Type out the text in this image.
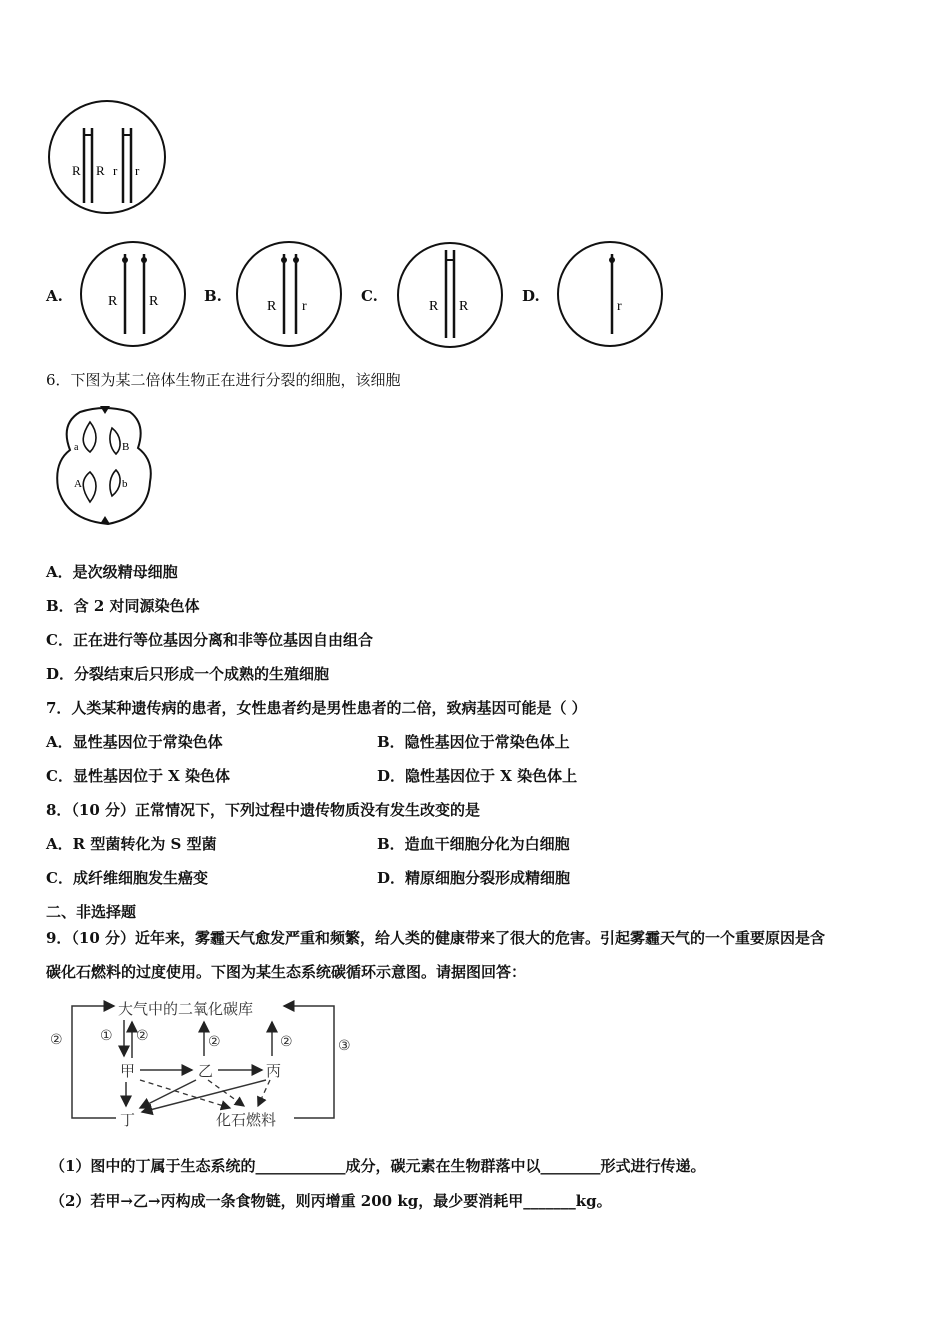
R R r r
A.	R R	B.
R r
C.
R R
D.
r
6．下图为某二倍体生物正在进行分裂的细胞，该细胞
a	B
A	b
A．是次级精母细胞
B．含 2 对同源染色体
C．正在进行等位基因分离和非等位基因自由组合
D．分裂结束后只形成一个成熟的生殖细胞
7．人类某种遗传病的患者，女性患者约是男性患者的二倍，致病基因可能是（ ）
A．显性基因位于常染色体	B．隐性基因位于常染色体上
C．显性基因位于 X 染色体	D．隐性基因位于 X 染色体上
8．（10 分）正常情况下，下列过程中遗传物质没有发生改变的是
A．R 型菌转化为 S 型菌	B．造血干细胞分化为白细胞
C．成纤维细胞发生癌变	D．精原细胞分裂形成精细胞
二、非选择题
9．（10 分）近年来，雾霾天气愈发严重和频繁，给人类的健康带来了很大的危害。引起雾霾天气的一个重要原因是含
碳化石燃料的过度使用。下图为某生态系统碳循环示意图。请据图回答：
大气中的二氧化碳库
甲	乙	丙
丁	化石燃料
②	③
① ②	②	②
（1）图中的丁属于生态系统的____________成分，碳元素在生物群落中以________形式进行传递。
（2）若甲→乙→丙构成一条食物链，则丙增重 200 kg，最少要消耗甲_______kg。
